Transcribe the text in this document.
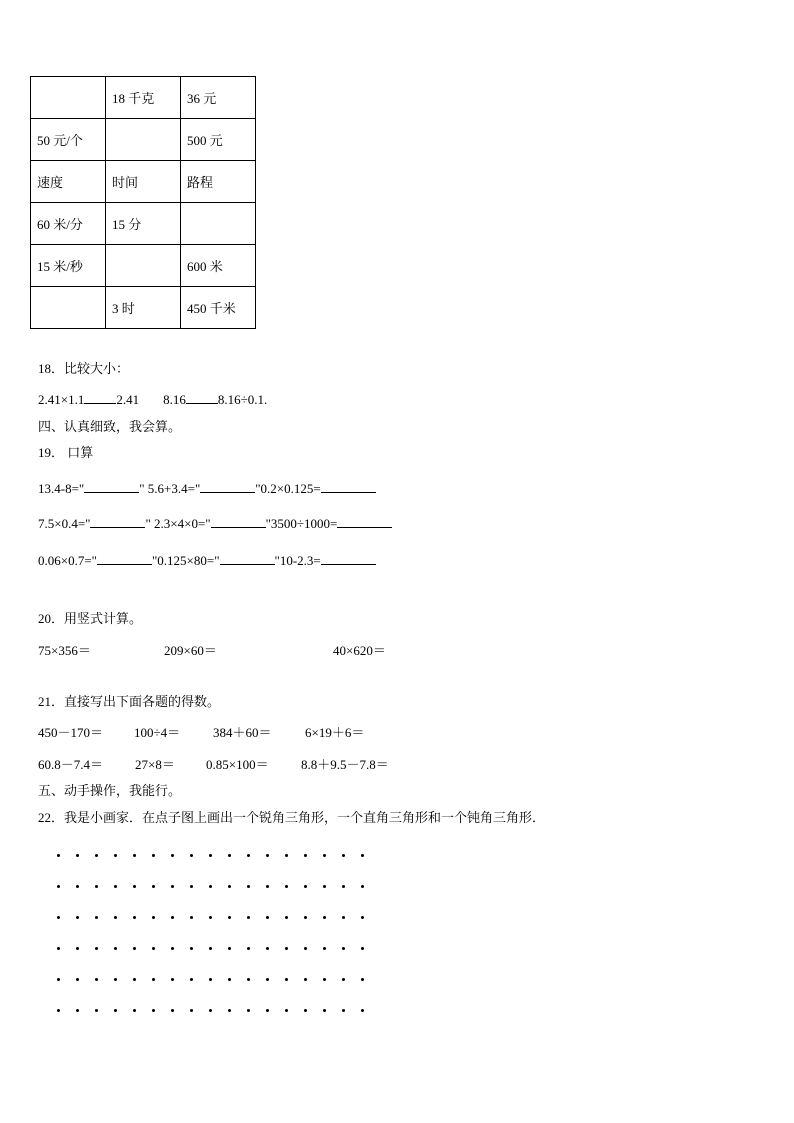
	18 千克	36 元
50 元/个		500 元
速度	时间	路程
60 米/分	15 分	
15 米/秒		600 米
	3 时	450 千米
18．比较大小：
2.41×1.1 2.41 8.16 8.16÷0.1.
四、认真细致，我会算。
19． 口算
13.4-8="	" 5.6+3.4="	"0.2×0.125=
7.5×0.4="	" 2.3×4×0="	"3500÷1000=
0.06×0.7="	"0.125×80="	"10-2.3=
20．用竖式计算。
75×356＝	209×60＝	40×620＝
21．直接写出下面各题的得数。
450－170＝ 100÷4＝	384＋60＝	6×19＋6＝
60.8－7.4＝ 27×8＝ 0.85×100＝ 8.8＋9.5－7.8＝
五、动手操作，我能行。
22．我是小画家．在点子图上画出一个锐角三角形，一个直角三角形和一个钝角三角形．
